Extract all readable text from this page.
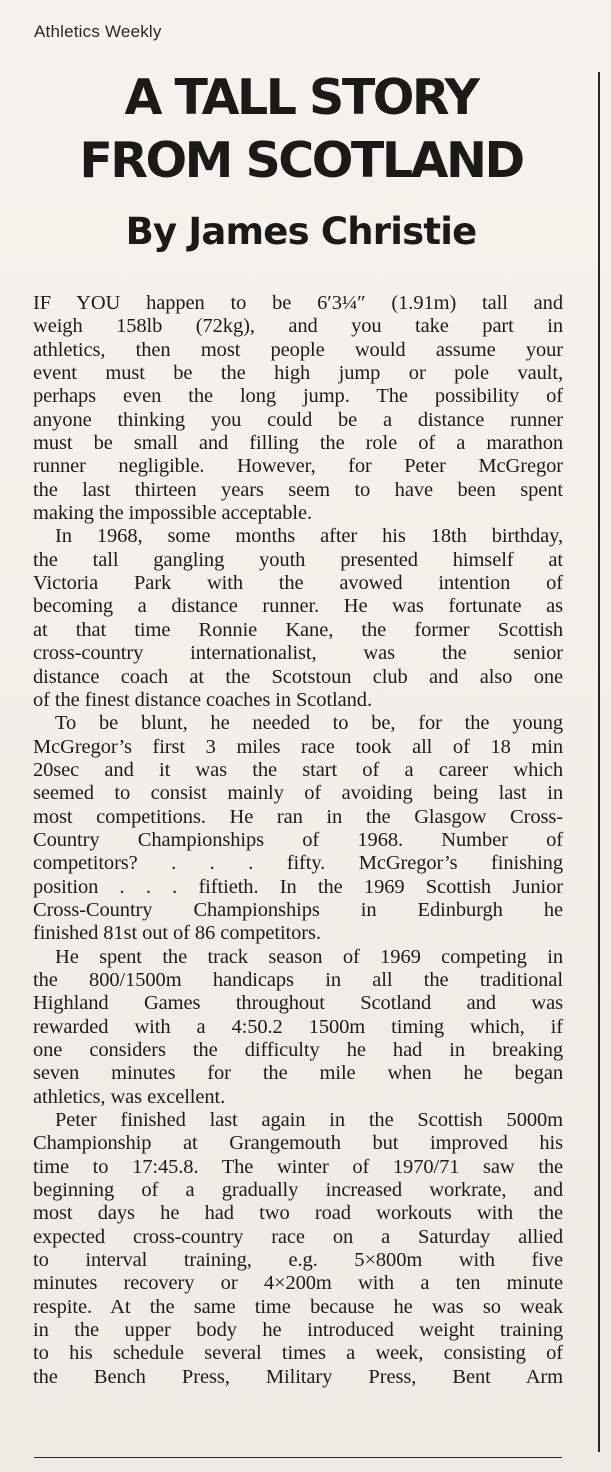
Athletics Weekly
A TALL STORY
FROM SCOTLAND
By James Christie
IF YOU happen to be 6′3¼″ (1.91m) tall and
weigh 158lb (72kg), and you take part in
athletics, then most people would assume your
event must be the high jump or pole vault,
perhaps even the long jump. The possibility of
anyone thinking you could be a distance runner
must be small and filling the role of a marathon
runner negligible. However, for Peter McGregor
the last thirteen years seem to have been spent
making the impossible acceptable.
In 1968, some months after his 18th birthday,
the tall gangling youth presented himself at
Victoria Park with the avowed intention of
becoming a distance runner. He was fortunate as
at that time Ronnie Kane, the former Scottish
cross-country internationalist, was the senior
distance coach at the Scotstoun club and also one
of the finest distance coaches in Scotland.
To be blunt, he needed to be, for the young
McGregor’s first 3 miles race took all of 18 min
20sec and it was the start of a career which
seemed to consist mainly of avoiding being last in
most competitions. He ran in the Glasgow Cross-
Country Championships of 1968. Number of
competitors? . . . fifty. McGregor’s finishing
position . . . fiftieth. In the 1969 Scottish Junior
Cross-Country Championships in Edinburgh he
finished 81st out of 86 competitors.
He spent the track season of 1969 competing in
the 800/1500m handicaps in all the traditional
Highland Games throughout Scotland and was
rewarded with a 4:50.2 1500m timing which, if
one considers the difficulty he had in breaking
seven minutes for the mile when he began
athletics, was excellent.
Peter finished last again in the Scottish 5000m
Championship at Grangemouth but improved his
time to 17:45.8. The winter of 1970/71 saw the
beginning of a gradually increased workrate, and
most days he had two road workouts with the
expected cross-country race on a Saturday allied
to interval training, e.g. 5×800m with five
minutes recovery or 4×200m with a ten minute
respite. At the same time because he was so weak
in the upper body he introduced weight training
to his schedule several times a week, consisting of
the Bench Press, Military Press, Bent Arm
